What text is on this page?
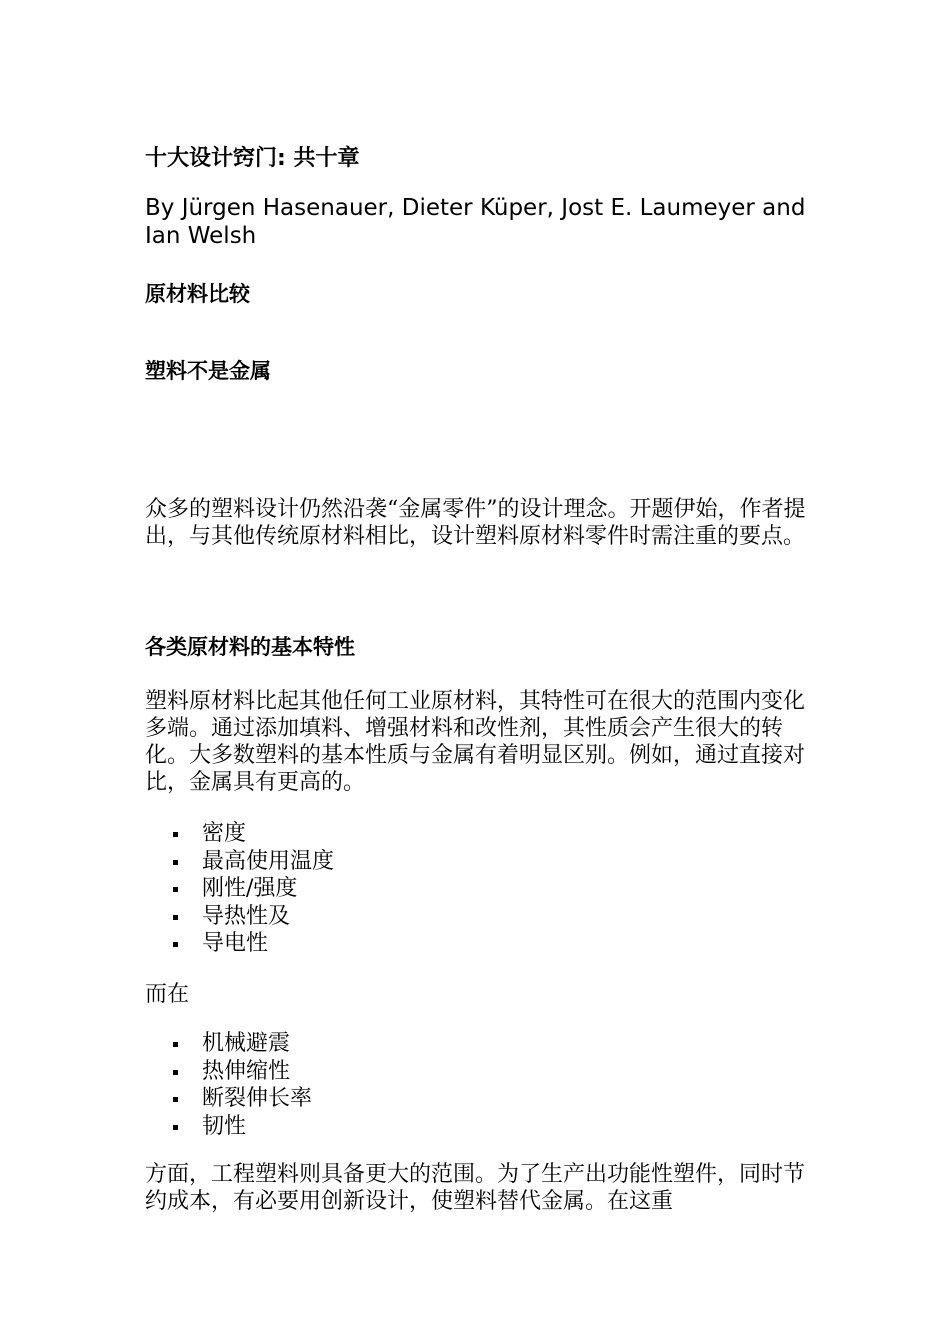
十大设计窍门: 共十章

By Jürgen Hasenauer, Dieter Küper, Jost E. Laumeyer and Ian Welsh

原材料比较
塑料不是金属

众多的塑料设计仍然沿袭“金属零件”的设计理念。开题伊始，作者提出，与其他传统原材料相比，设计塑料原材料零件时需注重的要点。

各类原材料的基本特性

塑料原材料比起其他任何工业原材料，其特性可在很大的范围内变化多端。通过添加填料、增强材料和改性剂，其性质会产生很大的转化。大多数塑料的基本性质与金属有着明显区别。例如，通过直接对比，金属具有更高的。

密度
最高使用温度
刚性/强度
导热性及
导电性

而在

机械避震
热伸缩性
断裂伸长率
韧性

方面，工程塑料则具备更大的范围。为了生产出功能性塑件，同时节约成本，有必要用创新设计，使塑料替代金属。在这重
